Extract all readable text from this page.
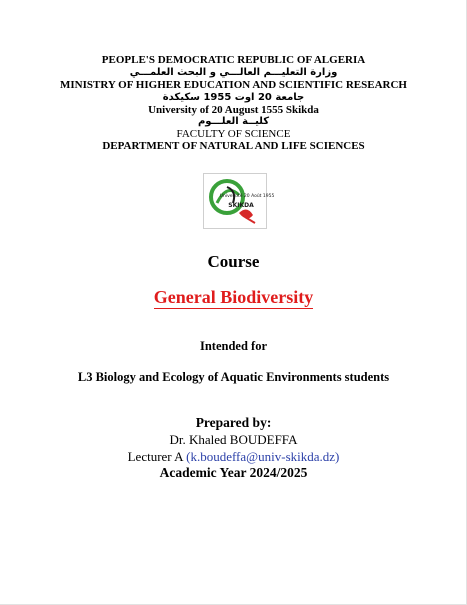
PEOPLE'S DEMOCRATIC REPUBLIC OF ALGERIA
وزارة التعليـــم العالـــي و البحث العلمـــي
MINISTRY OF HIGHER EDUCATION AND SCIENTIFIC RESEARCH
جامعة 20 اوت 1955 سكيكدة
University of 20 August 1555 Skikda
كليــة العلـــوم
FACULTY OF SCIENCE
DEPARTMENT OF NATURAL AND LIFE SCIENCES
Université 20 Août 1955
SKIKDA
Course
General Biodiversity
Intended for
L3 Biology and Ecology of Aquatic Environments students
Prepared by:
Dr. Khaled BOUDEFFA
Lecturer A (k.boudeffa@univ-skikda.dz)
Academic Year 2024/2025
